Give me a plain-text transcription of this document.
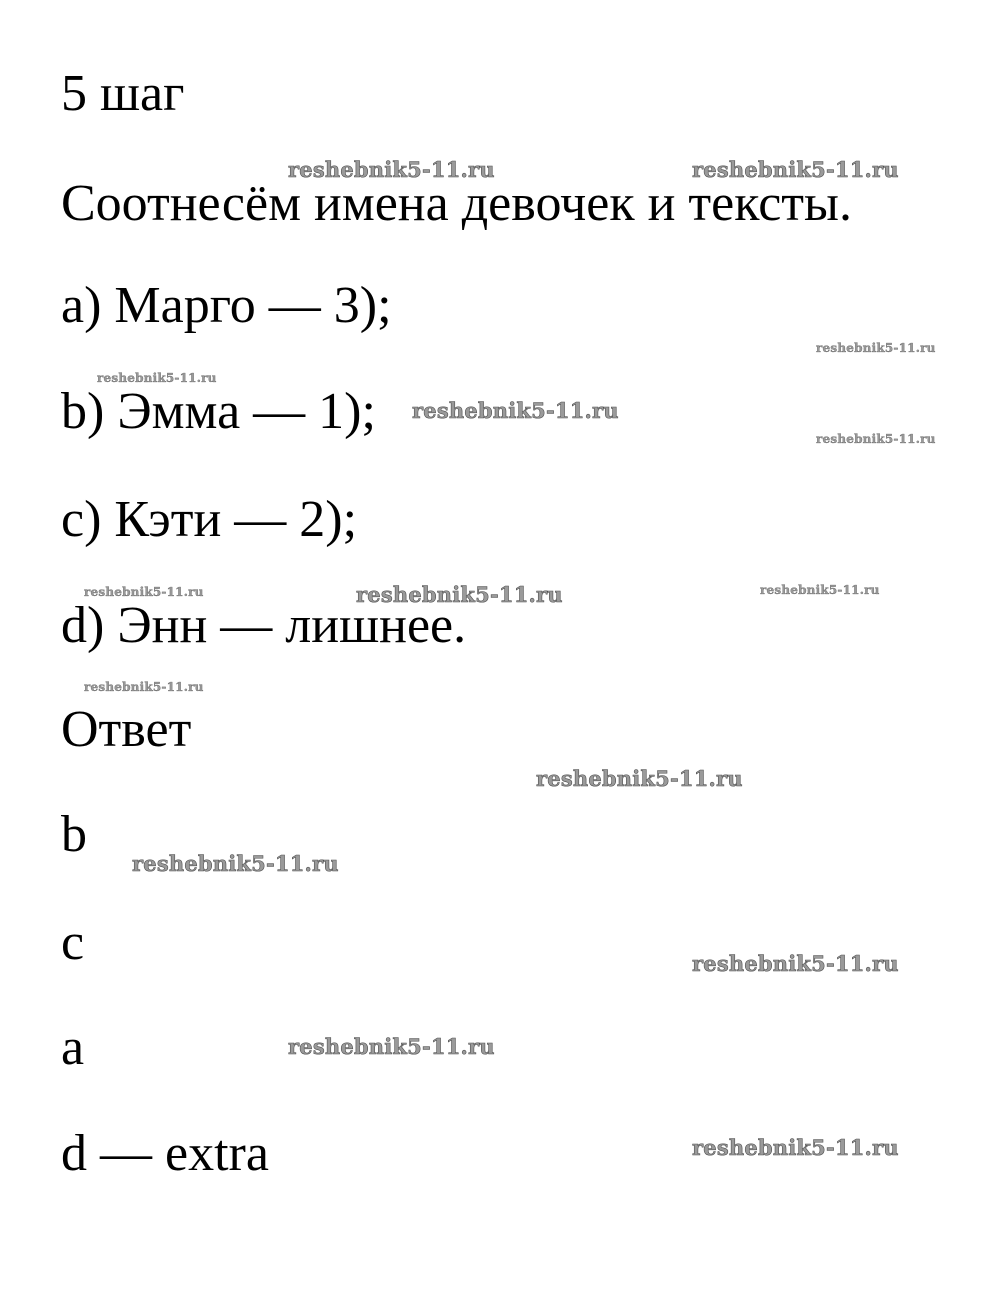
5 шаг
Соотнесём имена девочек и тексты.
a) Марго — 3);
b) Эмма — 1);
c) Кэти — 2);
d) Энн — лишнее.
Ответ
b
c
a
d — extra
reshebnik5-11.ru	reshebnik5-11.ru
reshebnik5-11.ru
reshebnik5-11.ru
reshebnik5-11.ru
reshebnik5-11.ru
reshebnik5-11.ru	reshebnik5-11.ru	reshebnik5-11.ru
reshebnik5-11.ru
reshebnik5-11.ru
reshebnik5-11.ru
reshebnik5-11.ru
reshebnik5-11.ru
reshebnik5-11.ru
